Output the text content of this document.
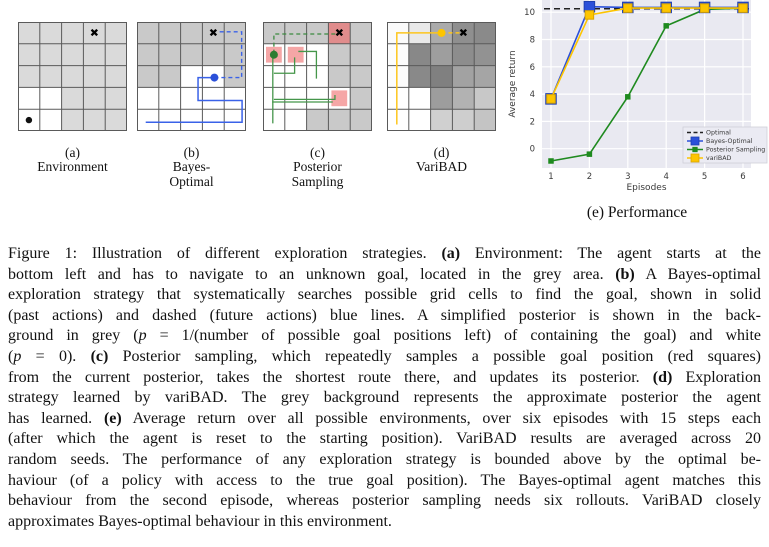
✖
(a)
Environment
✖
(b)
Bayes-
Optimal
✖
(c)
Posterior
Sampling
✖
(d)
VariBAD
0
2
4
6
8
10
1	2	3	4	5	6
Episodes
Average return
Optimal
Bayes-Optimal
Posterior Sampling
variBAD
(e) Performance
Figure 1: Illustration of different exploration strategies. (a) Environment: The agent starts at the
bottom left and has to navigate to an unknown goal, located in the grey area. (b) A Bayes-optimal
exploration strategy that systematically searches possible grid cells to find the goal, shown in solid
(past actions) and dashed (future actions) blue lines. A simplified posterior is shown in the back-
ground in grey (p = 1/(number of possible goal positions left) of containing the goal) and white
(p = 0). (c) Posterior sampling, which repeatedly samples a possible goal position (red squares)
from the current posterior, takes the shortest route there, and updates its posterior. (d) Exploration
strategy learned by variBAD. The grey background represents the approximate posterior the agent
has learned. (e) Average return over all possible environments, over six episodes with 15 steps each
(after which the agent is reset to the starting position). VariBAD results are averaged across 20
random seeds. The performance of any exploration strategy is bounded above by the optimal be-
haviour (of a policy with access to the true goal position). The Bayes-optimal agent matches this
behaviour from the second episode, whereas posterior sampling needs six rollouts. VariBAD closely
approximates Bayes-optimal behaviour in this environment.
